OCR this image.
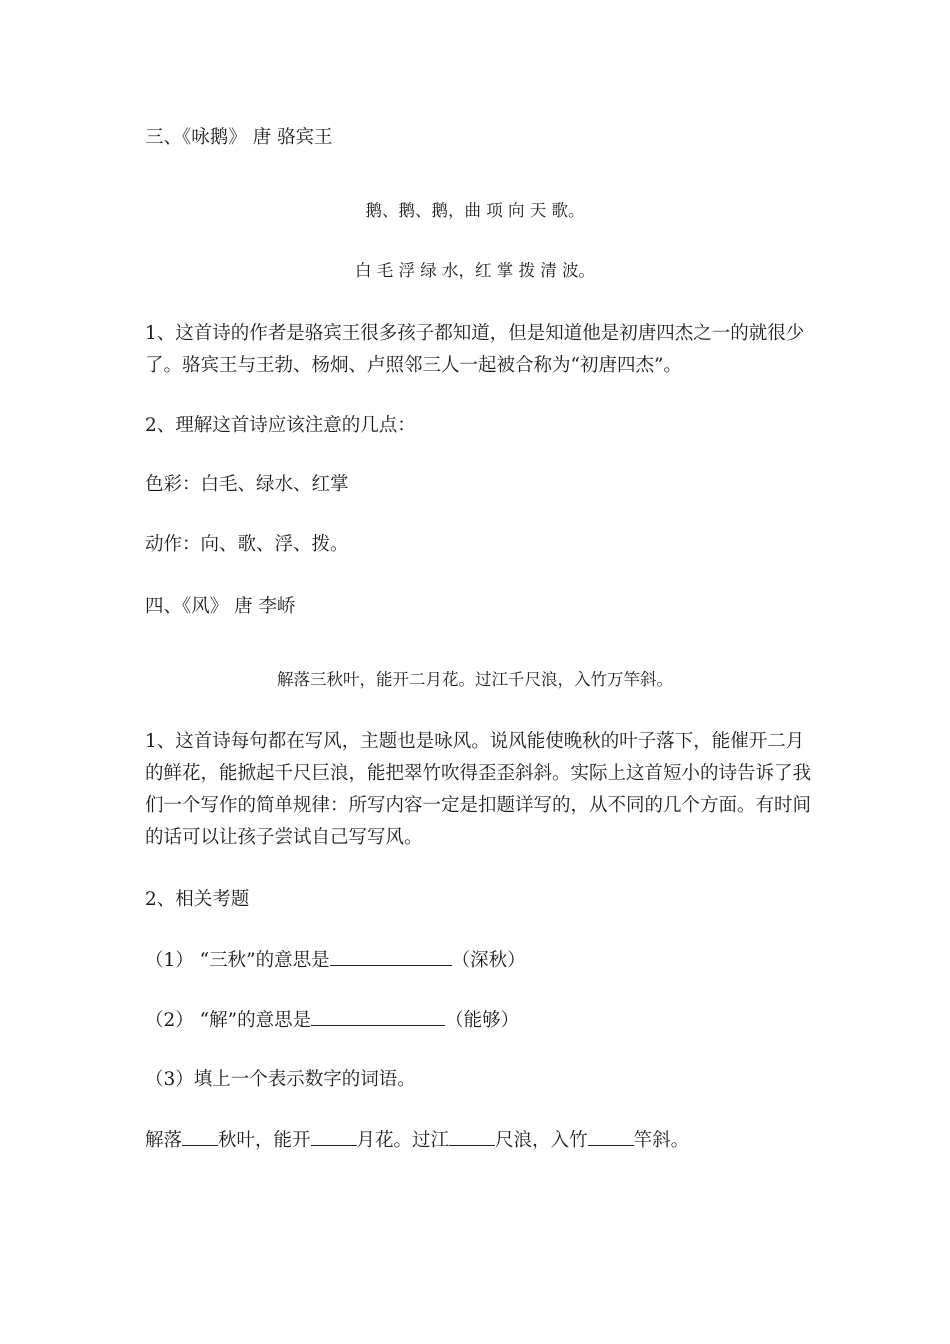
三、《咏鹅》 唐 骆宾王
鹅、鹅、鹅，曲 项 向 天 歌。
白 毛 浮 绿 水，红 掌 拨 清 波。
1、这首诗的作者是骆宾王很多孩子都知道，但是知道他是初唐四杰之一的就很少了。骆宾王与王勃、杨炯、卢照邻三人一起被合称为“初唐四杰”。
2、理解这首诗应该注意的几点：
色彩：白毛、绿水、红掌
动作：向、歌、浮、拨。
四、《风》 唐 李峤
解落三秋叶，能开二月花。过江千尺浪，入竹万竿斜。
1、这首诗每句都在写风，主题也是咏风。说风能使晚秋的叶子落下，能催开二月的鲜花，能掀起千尺巨浪，能把翠竹吹得歪歪斜斜。实际上这首短小的诗告诉了我们一个写作的简单规律：所写内容一定是扣题详写的，从不同的几个方面。有时间的话可以让孩子尝试自己写写风。
2、相关考题
（1） “三秋”的意思是	（深秋）
（2） “解”的意思是	（能够）
（3）填上一个表示数字的词语。
解落 秋叶，能开 月花。过江 尺浪，入竹 竿斜。
